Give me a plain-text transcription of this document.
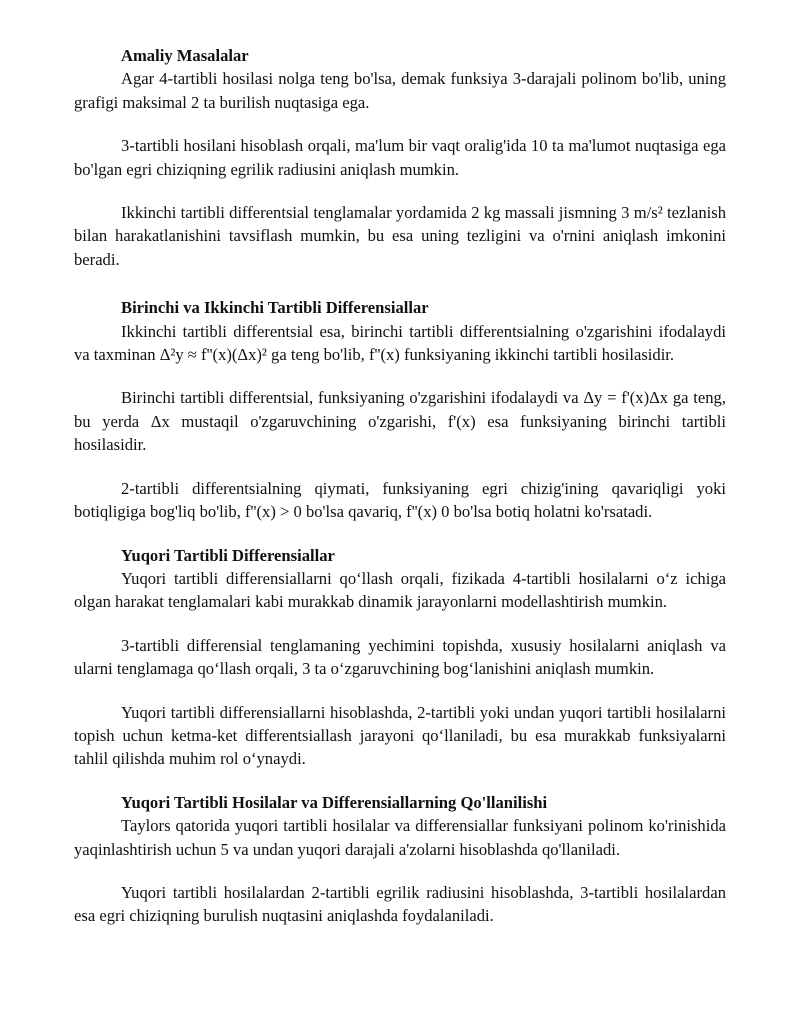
Amaliy Masalalar

Agar 4-tartibli hosilasi nolga teng bo'lsa, demak funksiya 3-darajali polinom bo'lib, uning grafigi maksimal 2 ta burilish nuqtasiga ega.

3-tartibli hosilani hisoblash orqali, ma'lum bir vaqt oralig'ida 10 ta ma'lumot nuqtasiga ega bo'lgan egri chiziqning egrilik radiusini aniqlash mumkin.

Ikkinchi tartibli differentsial tenglamalar yordamida 2 kg massali jismning 3 m/s² tezlanish bilan harakatlanishini tavsiflash mumkin, bu esa uning tezligini va o'rnini aniqlash imkonini beradi.

Birinchi va Ikkinchi Tartibli Differensiallar

Ikkinchi tartibli differentsial esa, birinchi tartibli differentsialning o'zgarishini ifodalaydi va taxminan Δ²y ≈ f''(x)(Δx)² ga teng bo'lib, f''(x) funksiyaning ikkinchi tartibli hosilasidir.

Birinchi tartibli differentsial, funksiyaning o'zgarishini ifodalaydi va Δy = f'(x)Δx ga teng, bu yerda Δx mustaqil o'zgaruvchining o'zgarishi, f'(x) esa funksiyaning birinchi tartibli hosilasidir.

2-tartibli differentsialning qiymati, funksiyaning egri chizig'ining qavariqligi yoki botiqligiga bog'liq bo'lib, f''(x) > 0 bo'lsa qavariq, f''(x) 0 bo'lsa botiq holatni ko'rsatadi.

Yuqori Tartibli Differensiallar

Yuqori tartibli differensiallarni qo‘llash orqali, fizikada 4-tartibli hosilalarni o‘z ichiga olgan harakat tenglamalari kabi murakkab dinamik jarayonlarni modellashtirish mumkin.

3-tartibli differensial tenglamaning yechimini topishda, xususiy hosilalarni aniqlash va ularni tenglamaga qo‘llash orqali, 3 ta o‘zgaruvchining bog‘lanishini aniqlash mumkin.

Yuqori tartibli differensiallarni hisoblashda, 2-tartibli yoki undan yuqori tartibli hosilalarni topish uchun ketma-ket differentsiallash jarayoni qo‘llaniladi, bu esa murakkab funksiyalarni tahlil qilishda muhim rol o‘ynaydi.

Yuqori Tartibli Hosilalar va Differensiallarning Qo'llanilishi

Taylors qatorida yuqori tartibli hosilalar va differensiallar funksiyani polinom ko'rinishida yaqinlashtirish uchun 5 va undan yuqori darajali a'zolarni hisoblashda qo'llaniladi.

Yuqori tartibli hosilalardan 2-tartibli egrilik radiusini hisoblashda, 3-tartibli hosilalardan esa egri chiziqning burulish nuqtasini aniqlashda foydalaniladi.
